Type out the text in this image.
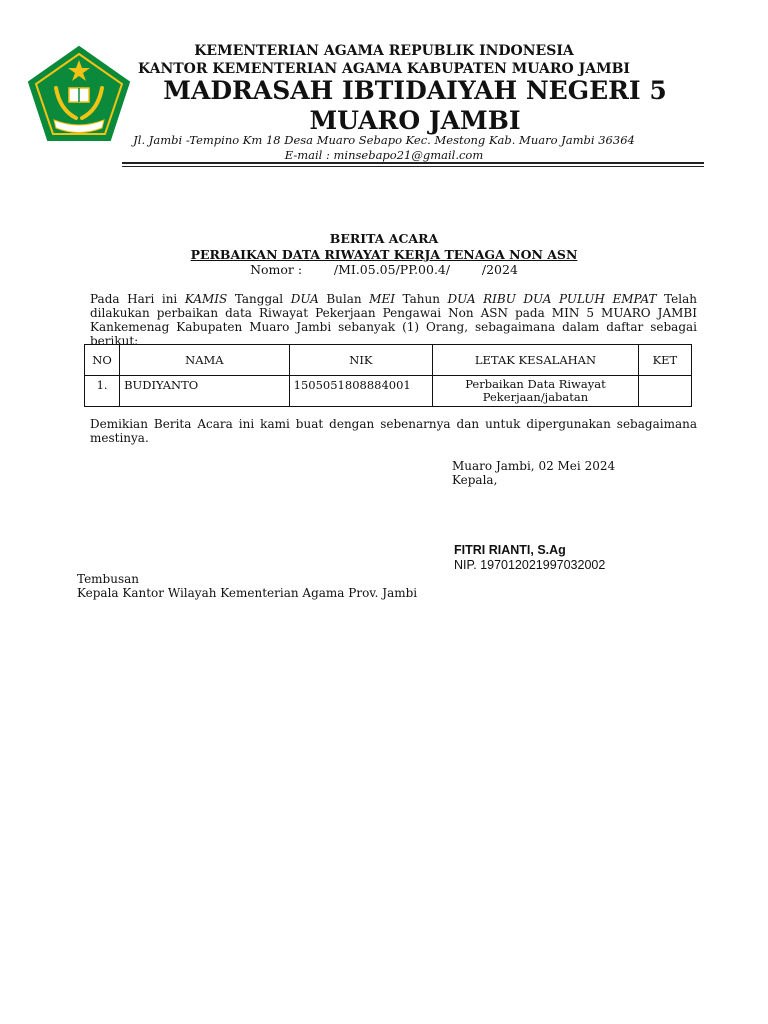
KEMENTERIAN AGAMA REPUBLIK INDONESIA
KANTOR KEMENTERIAN AGAMA KABUPATEN MUARO JAMBI
MADRASAH IBTIDAIYAH NEGERI 5 MUARO JAMBI
Jl. Jambi -Tempino Km 18 Desa Muaro Sebapo Kec. Mestong Kab. Muaro Jambi 36364
E-mail : minsebapo21@gmail.com
BERITA ACARA
PERBAIKAN DATA RIWAYAT KERJA TENAGA NON ASN
Nomor :        /MI.05.05/PP.00.4/        /2024
Pada Hari ini KAMIS Tanggal DUA Bulan MEI Tahun DUA RIBU DUA PULUH EMPAT Telah dilakukan perbaikan data Riwayat Pekerjaan Pengawai Non ASN pada MIN 5 MUARO JAMBI Kankemenag Kabupaten Muaro Jambi sebanyak (1) Orang, sebagaimana dalam daftar sebagai berikut:
NO	NAMA	NIK	LETAK KESALAHAN	KET
1.	BUDIYANTO	1505051808884001	Perbaikan Data Riwayat Pekerjaan/jabatan	
Demikian Berita Acara ini kami buat dengan sebenarnya dan untuk dipergunakan sebagaimana mestinya.
Muaro Jambi, 02 Mei 2024
Kepala,
FITRI RIANTI, S.Ag
NIP. 197012021997032002
Tembusan
Kepala Kantor Wilayah Kementerian Agama Prov. Jambi
